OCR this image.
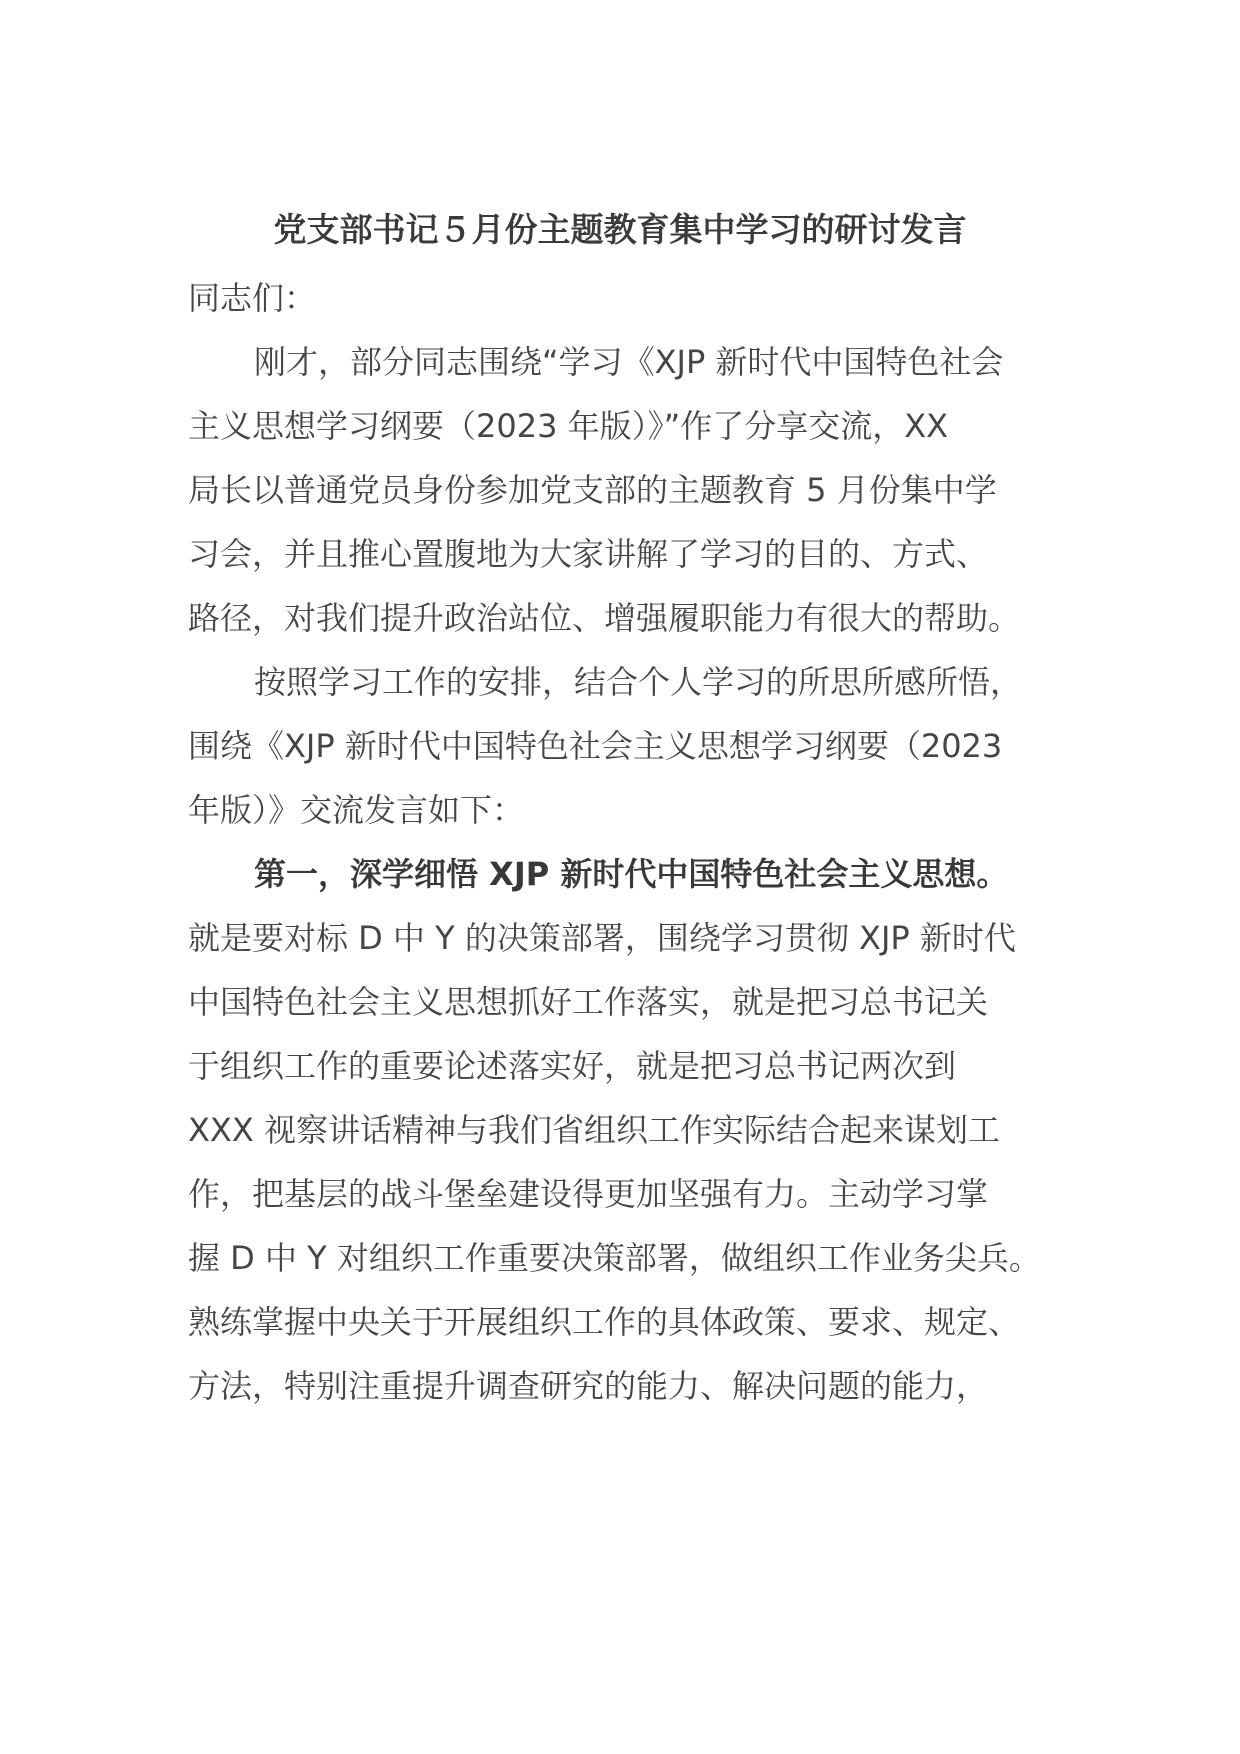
党支部书记５月份主题教育集中学习的研讨发言
同志们：
刚才，部分同志围绕“学习《XJP 新时代中国特色社会
主义思想学习纲要（2023 年版）》”作了分享交流，XX
局长以普通党员身份参加党支部的主题教育 5 月份集中学
习会，并且推心置腹地为大家讲解了学习的目的、方式、
路径，对我们提升政治站位、增强履职能力有很大的帮助。
按照学习工作的安排，结合个人学习的所思所感所悟，
围绕《XJP 新时代中国特色社会主义思想学习纲要（2023
年版）》交流发言如下：
第一，深学细悟 XJP 新时代中国特色社会主义思想。
就是要对标 D 中 Y 的决策部署，围绕学习贯彻 XJP 新时代
中国特色社会主义思想抓好工作落实，就是把习总书记关
于组织工作的重要论述落实好，就是把习总书记两次到
XXX 视察讲话精神与我们省组织工作实际结合起来谋划工
作，把基层的战斗堡垒建设得更加坚强有力。主动学习掌
握 D 中 Y 对组织工作重要决策部署，做组织工作业务尖兵。
熟练掌握中央关于开展组织工作的具体政策、要求、规定、
方法，特别注重提升调查研究的能力、解决问题的能力，
